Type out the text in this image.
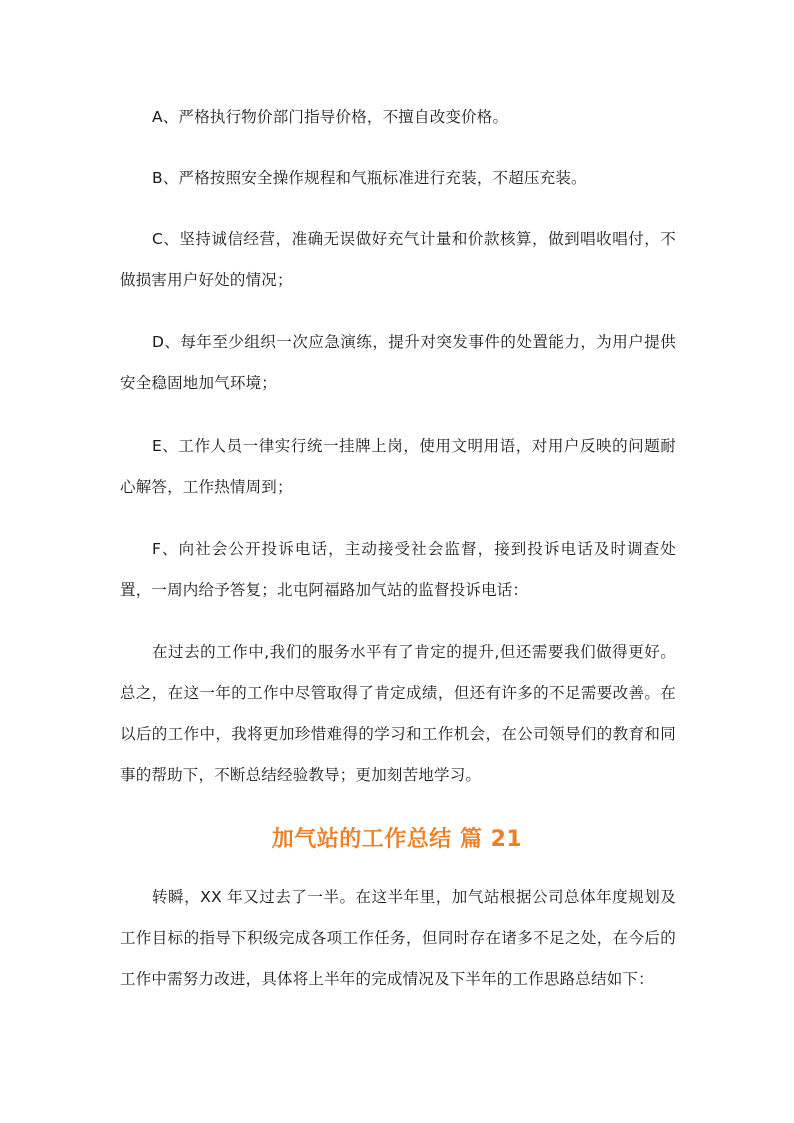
A、严格执行物价部门指导价格，不擅自改变价格。

B、严格按照安全操作规程和气瓶标准进行充装，不超压充装。

C、坚持诚信经营，准确无误做好充气计量和价款核算，做到唱收唱付，不做损害用户好处的情况；

D、每年至少组织一次应急演练，提升对突发事件的处置能力，为用户提供安全稳固地加气环境；

E、工作人员一律实行统一挂牌上岗，使用文明用语，对用户反映的问题耐心解答，工作热情周到；

F、向社会公开投诉电话，主动接受社会监督，接到投诉电话及时调查处置，一周内给予答复；北屯阿福路加气站的监督投诉电话：

在过去的工作中,我们的服务水平有了肯定的提升,但还需要我们做得更好。总之，在这一年的工作中尽管取得了肯定成绩，但还有许多的不足需要改善。在以后的工作中，我将更加珍惜难得的学习和工作机会，在公司领导们的教育和同事的帮助下，不断总结经验教导；更加刻苦地学习。

加气站的工作总结 篇 21

转瞬，XX 年又过去了一半。在这半年里，加气站根据公司总体年度规划及工作目标的指导下积级完成各项工作任务，但同时存在诸多不足之处，在今后的工作中需努力改进，具体将上半年的完成情况及下半年的工作思路总结如下：
